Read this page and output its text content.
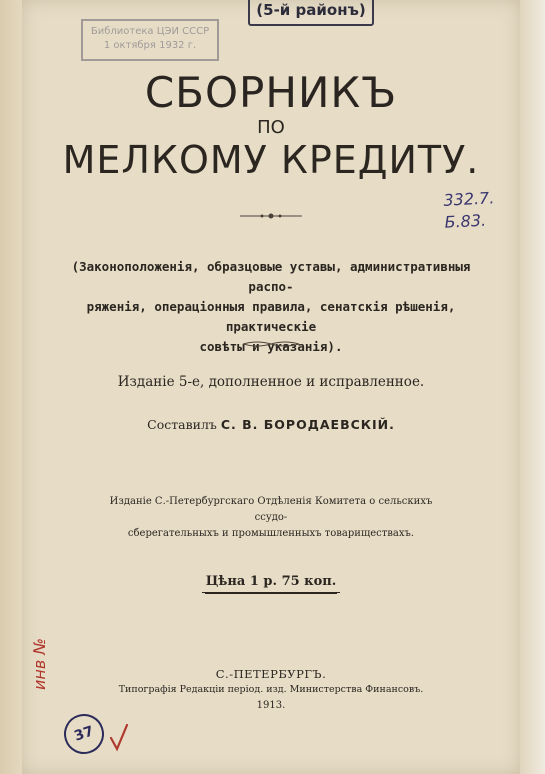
Библиотека ЦЭИ СССР
1 октября 1932 г.
(5-й районъ)
СБОРНИКЪ
ПО
МЕЛКОМУ КРЕДИТУ.
332.7.
Б.83.
(Законоположенія, образцовые уставы, административныя распо-
ряженія, операціонныя правила, сенатскія рѣшенія, практическіе
совѣты и указанія).
Изданіе 5-е, дополненное и исправленное.
Составилъ С. В. БОРОДАЕВСКІЙ.
Изданіе С.-Петербургскаго Отдѣленія Комитета о сельскихъ ссудо-
сберегательныхъ и промышленныхъ товариществахъ.
Цѣна 1 р. 75 коп.
С.-ПЕТЕРБУРГЪ.
Типографія Редакціи період. изд. Министерства Финансовъ.
1913.
инв №
37
